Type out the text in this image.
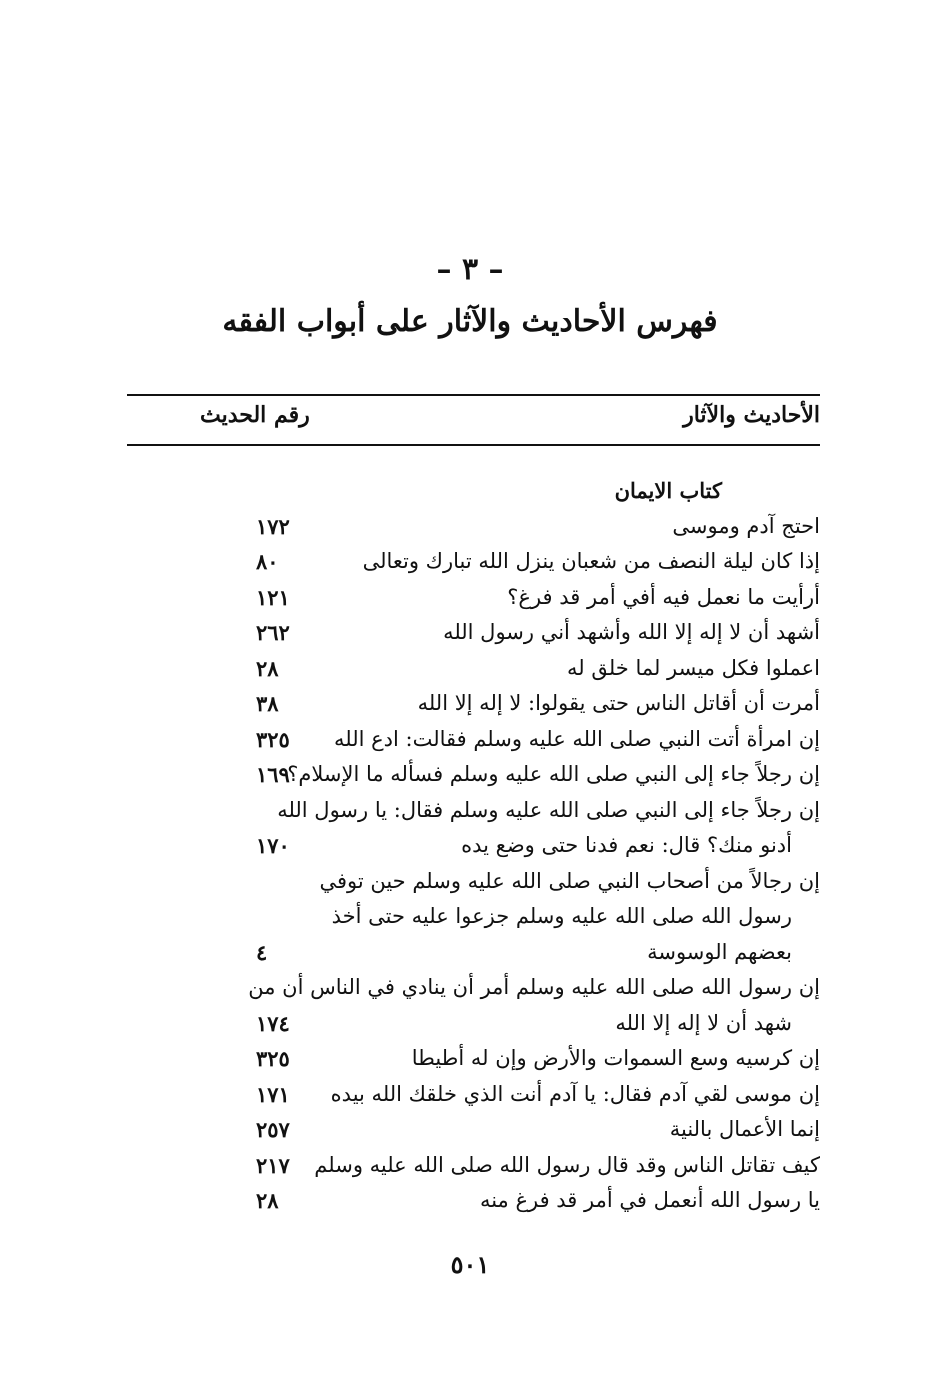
– ٣ –
فهرس الأحاديث والآثار على أبواب الفقه
الأحاديث والآثار
رقم الحديث
كتاب الايمان
احتج آدم وموسى
١٧٢
إذا كان ليلة النصف من شعبان ينزل الله تبارك وتعالى
٨٠
أرأيت ما نعمل فيه أفي أمر قد فرغ؟
١٢١
أشهد أن لا إله إلا الله وأشهد أني رسول الله
٢٦٢
اعملوا فكل ميسر لما خلق له
٢٨
أمرت أن أقاتل الناس حتى يقولوا: لا إله إلا الله
٣٨
إن امرأة أتت النبي صلى الله عليه وسلم فقالت: ادع الله
٣٢٥
إن رجلاً جاء إلى النبي صلى الله عليه وسلم فسأله ما الإسلام؟
١٦٩
إن رجلاً جاء إلى النبي صلى الله عليه وسلم فقال: يا رسول الله
أدنو منك؟ قال: نعم فدنا حتى وضع يده
١٧٠
إن رجالاً من أصحاب النبي صلى الله عليه وسلم حين توفي
رسول الله صلى الله عليه وسلم جزعوا عليه حتى أخذ
بعضهم الوسوسة
٤
إن رسول الله صلى الله عليه وسلم أمر أن ينادي في الناس أن من
شهد أن لا إله إلا الله
١٧٤
إن كرسيه وسع السموات والأرض وإن له أطيطا
٣٢٥
إن موسى لقي آدم فقال: يا آدم أنت الذي خلقك الله بيده
١٧١
إنما الأعمال بالنية
٢٥٧
كيف تقاتل الناس وقد قال رسول الله صلى الله عليه وسلم
٢١٧
يا رسول الله أنعمل في أمر قد فرغ منه
٢٨
٥٠١
